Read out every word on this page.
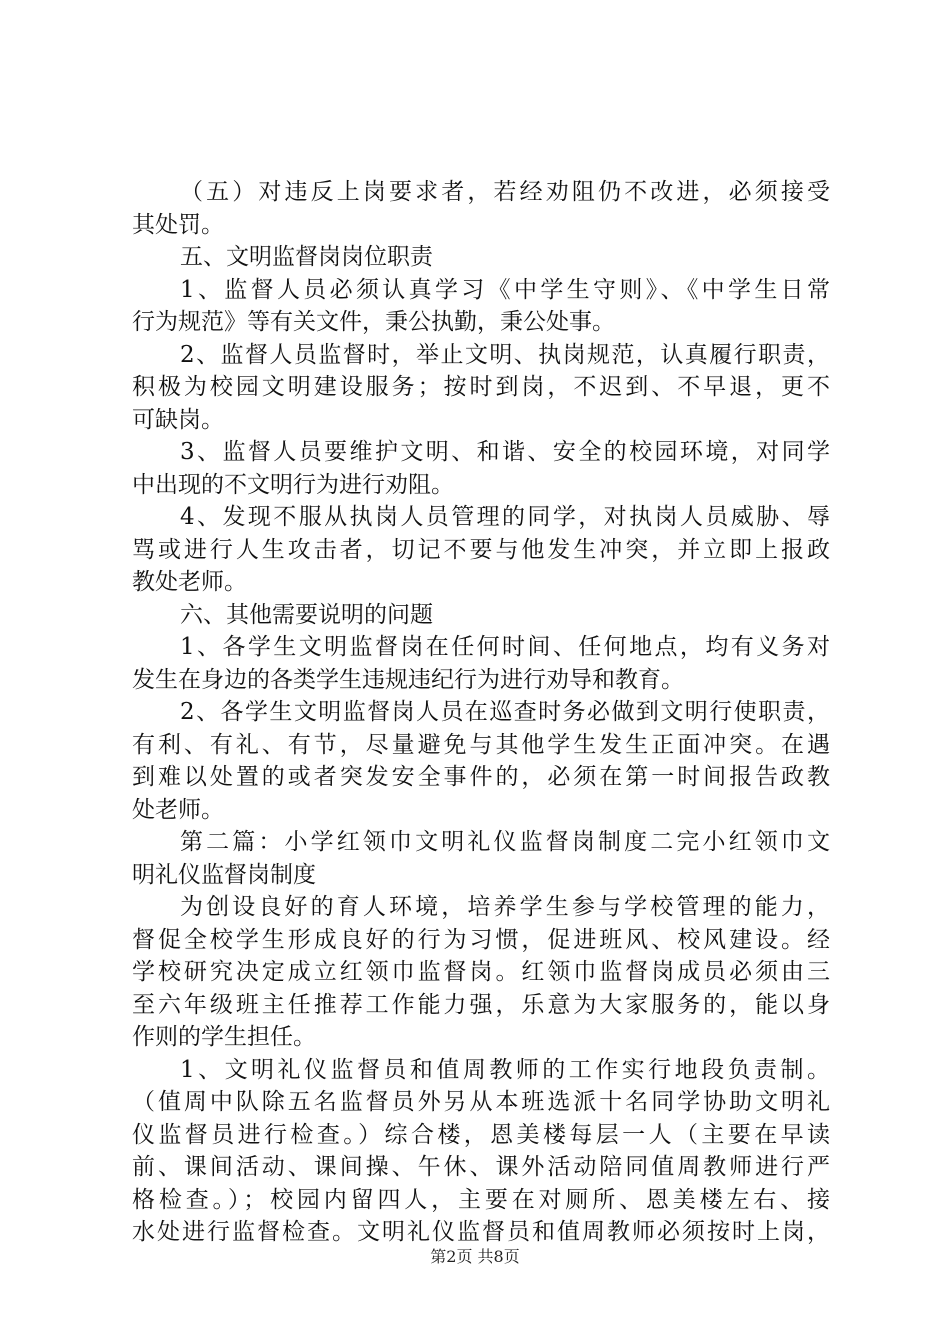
（五）对违反上岗要求者，若经劝阻仍不改进，必须接受
其处罚。
五、文明监督岗岗位职责
1、监督人员必须认真学习《中学生守则》、《中学生日常
行为规范》等有关文件，秉公执勤，秉公处事。
2、监督人员监督时，举止文明、执岗规范，认真履行职责，
积极为校园文明建设服务；按时到岗，不迟到、不早退，更不
可缺岗。
3、监督人员要维护文明、和谐、安全的校园环境，对同学
中出现的不文明行为进行劝阻。
4、发现不服从执岗人员管理的同学，对执岗人员威胁、辱
骂或进行人生攻击者，切记不要与他发生冲突，并立即上报政
教处老师。
六、其他需要说明的问题
1、各学生文明监督岗在任何时间、任何地点，均有义务对
发生在身边的各类学生违规违纪行为进行劝导和教育。
2、各学生文明监督岗人员在巡查时务必做到文明行使职责，
有利、有礼、有节，尽量避免与其他学生发生正面冲突。在遇
到难以处置的或者突发安全事件的，必须在第一时间报告政教
处老师。
第二篇：小学红领巾文明礼仪监督岗制度二完小红领巾文
明礼仪监督岗制度
为创设良好的育人环境，培养学生参与学校管理的能力，
督促全校学生形成良好的行为习惯，促进班风、校风建设。经
学校研究决定成立红领巾监督岗。红领巾监督岗成员必须由三
至六年级班主任推荐工作能力强，乐意为大家服务的，能以身
作则的学生担任。
1、文明礼仪监督员和值周教师的工作实行地段负责制。
（值周中队除五名监督员外另从本班选派十名同学协助文明礼
仪监督员进行检查。）综合楼，恩美楼每层一人（主要在早读
前、课间活动、课间操、午休、课外活动陪同值周教师进行严
格检查。）；校园内留四人，主要在对厕所、恩美楼左右、接
水处进行监督检查。文明礼仪监督员和值周教师必须按时上岗，
第2页 共8页
